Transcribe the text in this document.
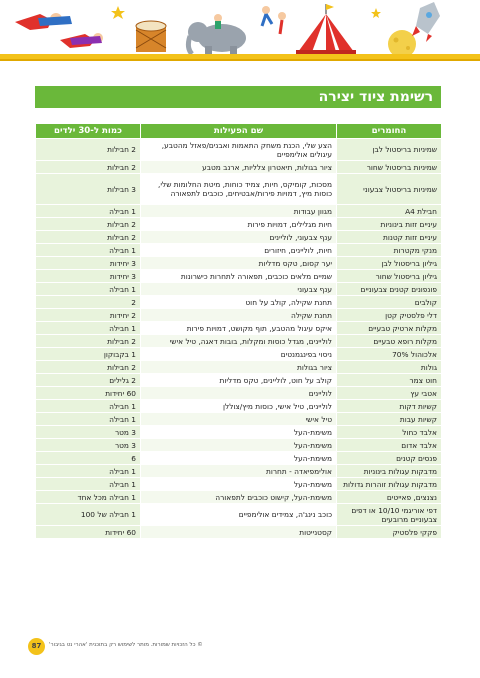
רשימת ציוד יצירה
החומרים	שם הפעילות	כמות ל-30 ילדים
שמיניות בריסטול לבן	הצע שלי, הכנת משחק התאמות ואבנים/פאזל מהטבע, עיגולים אולימפיים	2 חבילות
שמיניות בריסטול שחור	ציור בגולות, תיאטרון צלליות, ארנב מטבע	2 חבילות
שמיניות בריסטול צבעוני	מסכות, קומיקס, חיות, צמיד כוחות, מיטת החלומות שלי, כוסות מיץ, דמויות פירות/אבטיחים, כוכבים לתפאורה	3 חבילות
חבילת A4	מגוון עבודות	1 חבילה
עיניים זזות בינוניות	חיות מגלילים, דמויות פירות	2 חבילות
עיניים זזות קטנות	ענף צבעוני, לוליינים	2 חבילות
מנקי מקטרות	חיות, לוליינים, חיזורים	1 חבילה
גיליון בריסטול לבן	יער קסום, טקס מדליות	3 יחידות
גיליון בריסטול שחור	שמיים מלאים כוכבים, תפאורה לתחרות כישרונות	3 יחידות
פונפונים קטנים צבעוניים	ענף צבעוני	1 חבילה
קולבים	תחנת שקילה, קולב על חוט	2
דלי פלסטיק קטן	תחנת שקילה	2 יחידות
מקלות ארטיק טבעיים	איקס עיגול מהטבע, תוף מקושט, דמויות פירות	1 חבילה
מקלות רופא טבעיים	לוליינים, מגדל כוסות ומקלות, בובות דאגה, טיל אישי	2 חבילות
אלכוהול 70%	ניסוי בפינגמנטים	1 בקבוקון
גולות	ציור בגולות	2 חבילות
חוט צמר	קולב על חוט, לוליינים, טקס מדליות	2 גלילים
אטבי עץ	לוליינים	60 יחידות
קשיות דקות	לוליינים, טיל אישי, כוסות מיץ/צוללן	1 חבילה
קשיות עבות	טיל אישי	1 חבילה
אלבד כחול	משימת-העל	3 מטר
אלבד אדום	משימת-העל	3 מטר
פנסים קטנים	משימת-העל	6
מדבקות עגולות בינוניות	אולימפיאדה - תחרות	1 חבילה
מדבקות עגולות זוהרות גדולות	משימת-העל	1 חבילה
נצנצים, פאייטים	משימת-העל, קישוט כוכבים לתפאורה	1 חבילה מכל אחד
דפי אוריגמי 10/10 או דפים צבעוניים מרובעים	כוכב נינג'ה, צמידים אולימפיים	1 חבילה של 100
פקקי פלסטיק	קסטנייטות	60 יחידות
© כל הזכויות שמורות. מותר לשימוש רק בתוכנית 'אהרי נט בגיבור'
87
